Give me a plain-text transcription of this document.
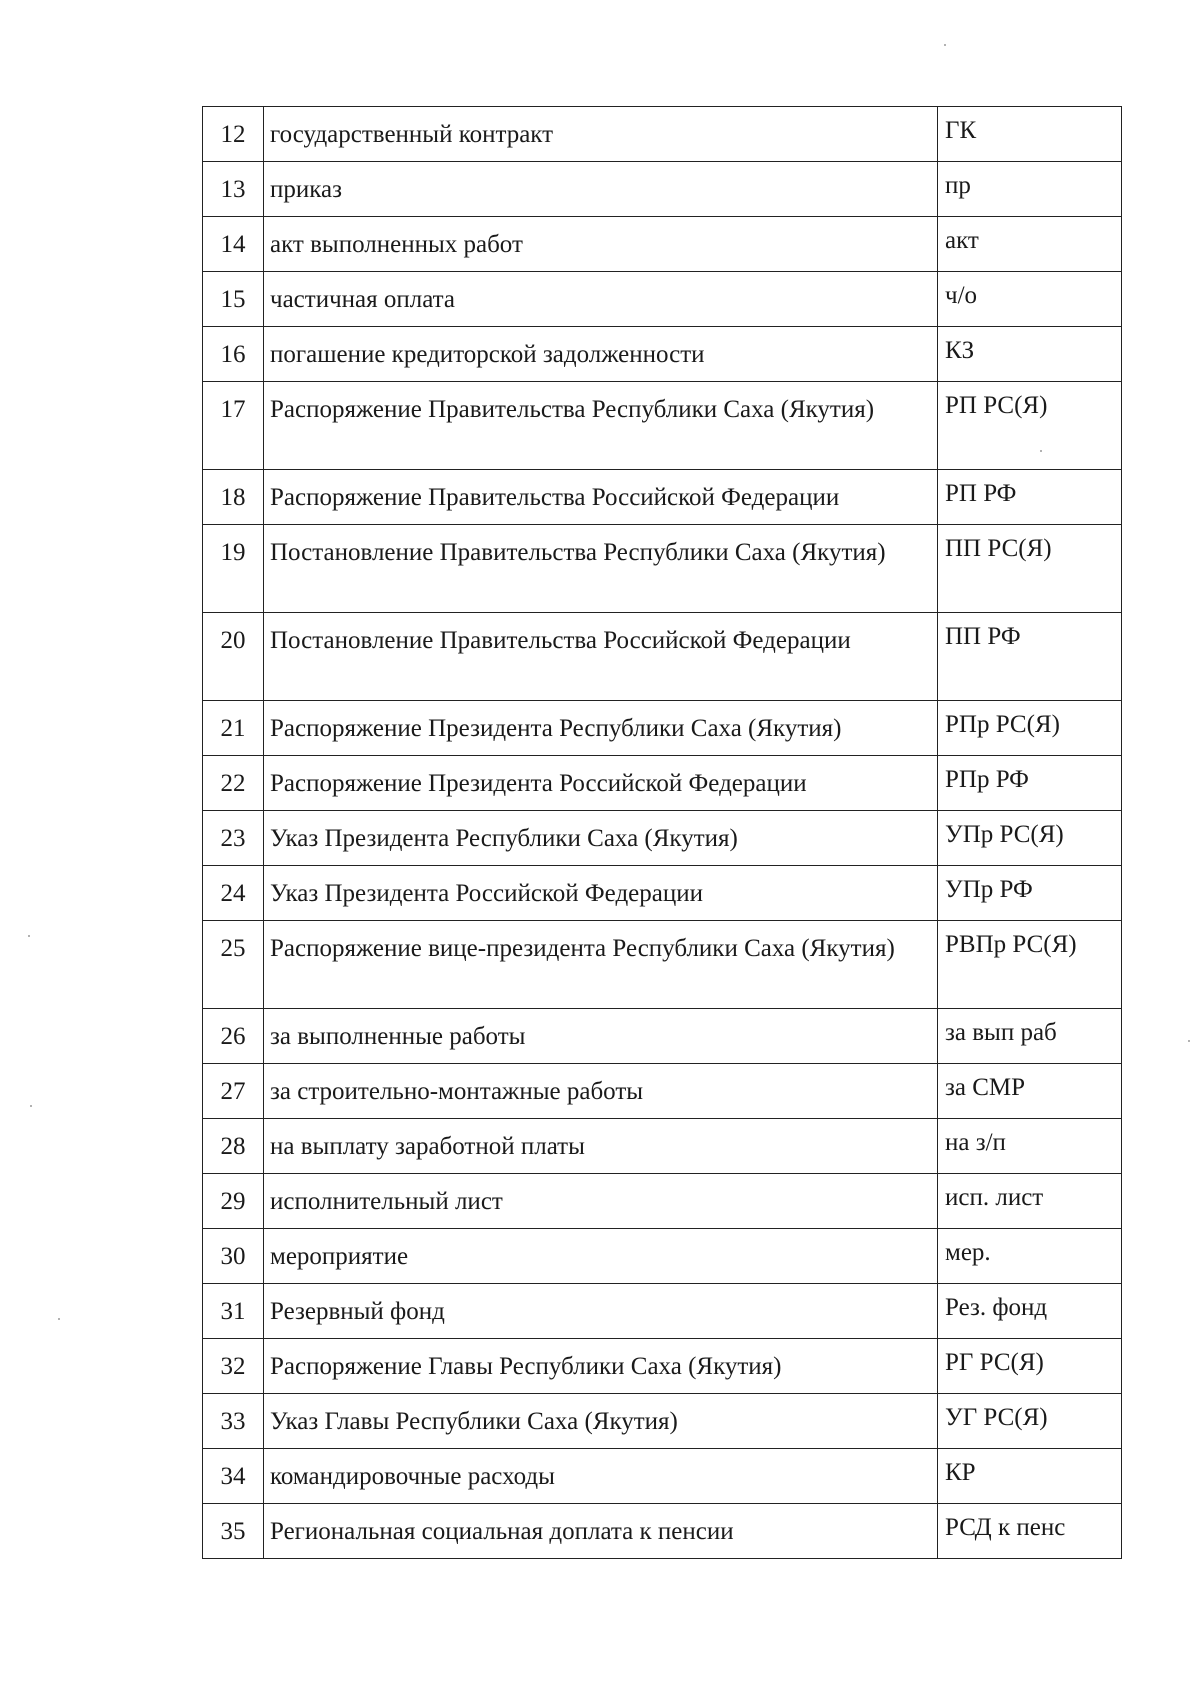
12	государственный контракт	ГК
13	приказ	пр
14	акт выполненных работ	акт
15	частичная оплата	ч/о
16	погашение кредиторской задолженности	КЗ
17	Распоряжение Правительства Республики Саха (Якутия)	РП РС(Я)
18	Распоряжение Правительства Российской Федерации	РП РФ
19	Постановление Правительства Республики Саха (Якутия)	ПП РС(Я)
20	Постановление Правительства Российской Федерации	ПП РФ
21	Распоряжение Президента Республики Саха (Якутия)	РПр РС(Я)
22	Распоряжение Президента Российской Федерации	РПр РФ
23	Указ Президента Республики Саха (Якутия)	УПр РС(Я)
24	Указ Президента Российской Федерации	УПр РФ
25	Распоряжение вице-президента Республики Саха (Якутия)	РВПр РС(Я)
26	за выполненные работы	за вып раб
27	за строительно-монтажные работы	за СМР
28	на выплату заработной платы	на з/п
29	исполнительный лист	исп. лист
30	мероприятие	мер.
31	Резервный фонд	Рез. фонд
32	Распоряжение Главы Республики Саха (Якутия)	РГ РС(Я)
33	Указ Главы Республики Саха (Якутия)	УГ РС(Я)
34	командировочные расходы	КР
35	Региональная социальная доплата к пенсии	РСД к пенс
